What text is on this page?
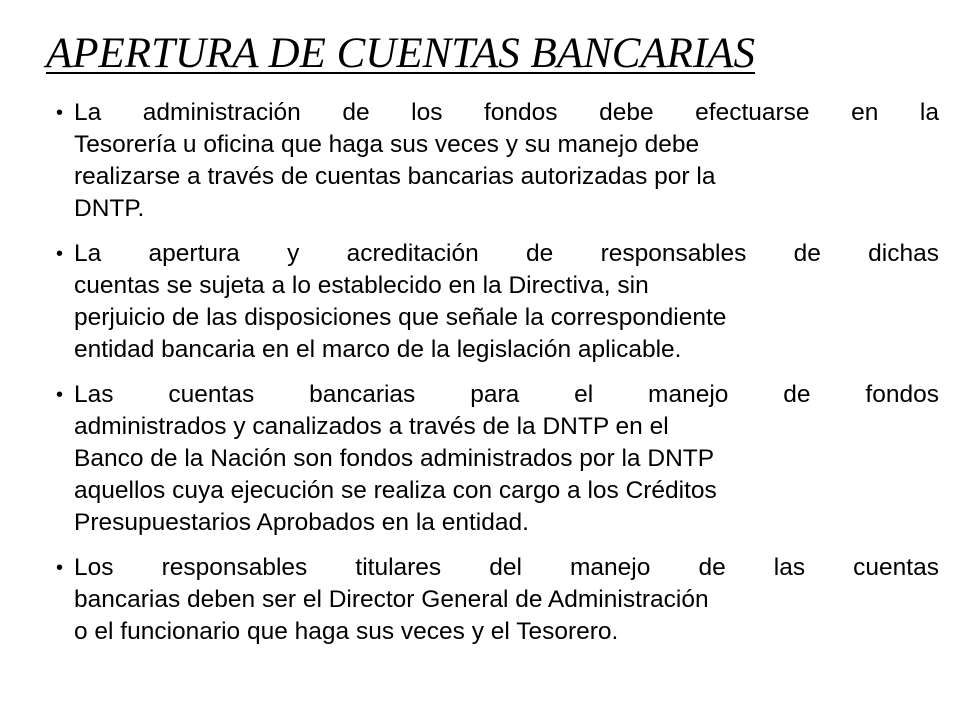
APERTURA DE CUENTAS BANCARIAS
• La administración de los fondos debe efectuarse en la
Tesorería u oficina que haga sus veces y su manejo debe
realizarse a través de cuentas bancarias autorizadas por la
DNTP.
• La apertura y acreditación de responsables de dichas
cuentas se sujeta a lo establecido en la Directiva, sin
perjuicio de las disposiciones que señale la correspondiente
entidad bancaria en el marco de la legislación aplicable.
• Las cuentas bancarias para el manejo de fondos
administrados y canalizados a través de la DNTP en el
Banco de la Nación son fondos administrados por la DNTP
aquellos cuya ejecución se realiza con cargo a los Créditos
Presupuestarios Aprobados en la entidad.
• Los responsables titulares del manejo de las cuentas
bancarias deben ser el Director General de Administración
o el funcionario que haga sus veces y el Tesorero.
